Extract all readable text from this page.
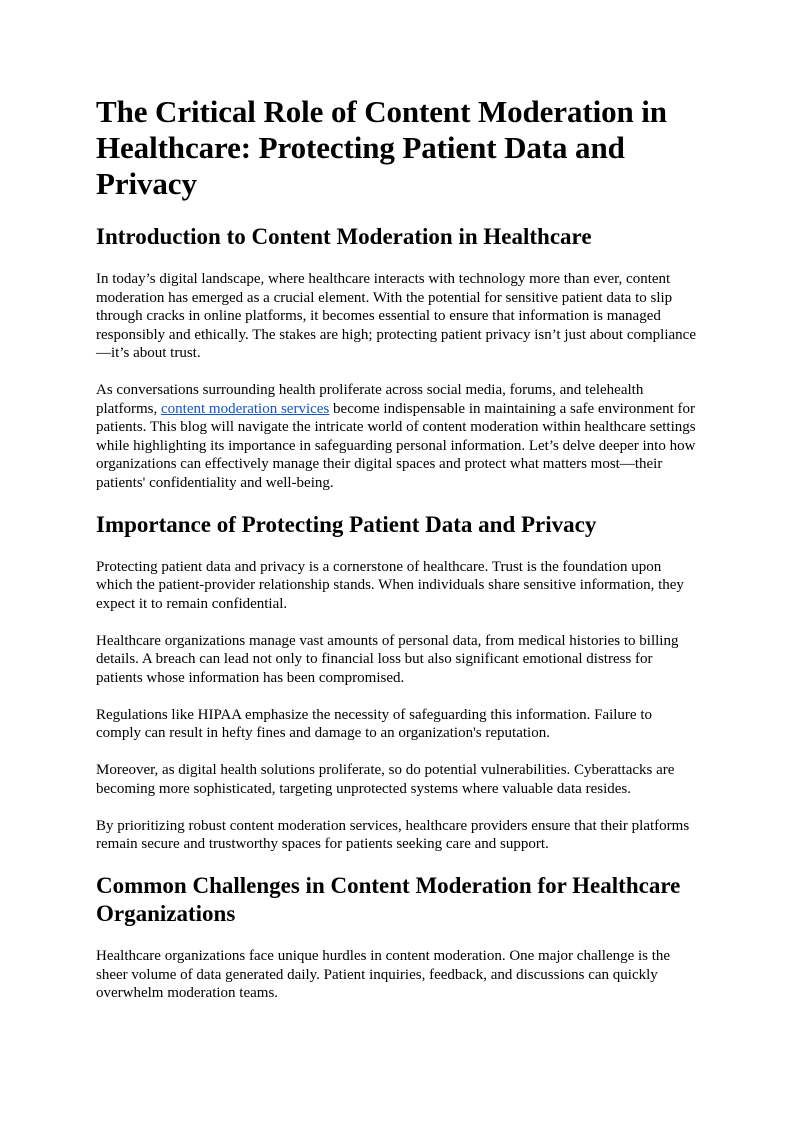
The Critical Role of Content Moderation in Healthcare: Protecting Patient Data and Privacy
Introduction to Content Moderation in Healthcare

In today’s digital landscape, where healthcare interacts with technology more than ever, content moderation has emerged as a crucial element. With the potential for sensitive patient data to slip through cracks in online platforms, it becomes essential to ensure that information is managed responsibly and ethically. The stakes are high; protecting patient privacy isn’t just about compliance—it’s about trust.

As conversations surrounding health proliferate across social media, forums, and telehealth platforms, content moderation services become indispensable in maintaining a safe environment for patients. This blog will navigate the intricate world of content moderation within healthcare settings while highlighting its importance in safeguarding personal information. Let’s delve deeper into how organizations can effectively manage their digital spaces and protect what matters most—their patients' confidentiality and well-being.

Importance of Protecting Patient Data and Privacy

Protecting patient data and privacy is a cornerstone of healthcare. Trust is the foundation upon which the patient-provider relationship stands. When individuals share sensitive information, they expect it to remain confidential.

Healthcare organizations manage vast amounts of personal data, from medical histories to billing details. A breach can lead not only to financial loss but also significant emotional distress for patients whose information has been compromised.

Regulations like HIPAA emphasize the necessity of safeguarding this information. Failure to comply can result in hefty fines and damage to an organization's reputation.

Moreover, as digital health solutions proliferate, so do potential vulnerabilities. Cyberattacks are becoming more sophisticated, targeting unprotected systems where valuable data resides.

By prioritizing robust content moderation services, healthcare providers ensure that their platforms remain secure and trustworthy spaces for patients seeking care and support.

Common Challenges in Content Moderation for Healthcare Organizations

Healthcare organizations face unique hurdles in content moderation. One major challenge is the sheer volume of data generated daily. Patient inquiries, feedback, and discussions can quickly overwhelm moderation teams.
